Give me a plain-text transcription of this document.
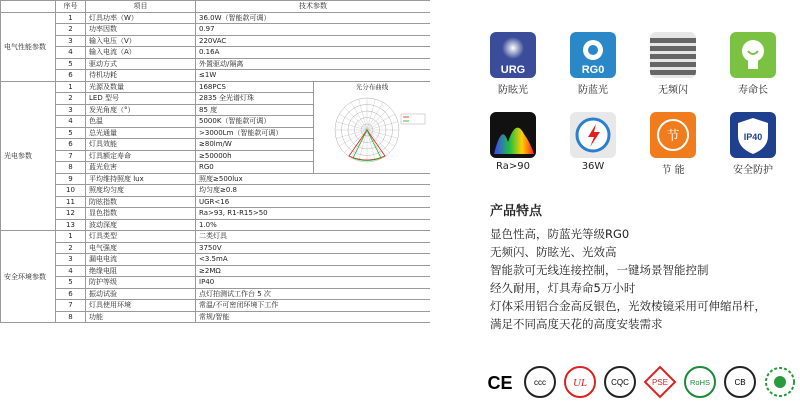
	序号	项目	技术参数	
电气性能参数	1	灯具功率（W）	36.0W（智能款可调）	
	2	功率因数	0.97	
	3	输入电压（V）	220VAC	
	4	输入电流（A）	0.16A	
	5	驱动方式	外置驱动/隔离	
	6	待机功耗	≤1W	
光电参数	1	光源及数量	168PCS	光分布曲线

	2	LED 型号	2835 全光谱灯珠	
	3	发光角度（°）	85 度	
	4	色温	5000K（智能款可调）	
	5	总光通量	>3000Lm（智能款可调）	
	6	灯具效能	≥80lm/W	
	7	灯具额定寿命	≥50000h	
	8	蓝光危害	RG0	
	9	平均维持照度 lux	照度≥500lux	
	10	照度均匀度	均匀度≥0.8	
	11	防眩指数	UGR<16	
	12	显色指数	Ra>93, R1-R15>50	
	13	波动深度	1.0%	
安全环境参数	1	灯具类型	二类灯具	
	2	电气强度	3750V	
	3	漏电电流	<3.5mA	
	4	绝缘电阻	≥2MΩ	
	5	防护等级	IP40	
	6	振动试验	点灯拍测试工作台 5 次	
	7	灯具使用环境	常温/不可密闭环境下工作	
	8	功能	常规/智能	
URG
防眩光
RG0
防蓝光	无频闪	寿命长
Ra>90	36W
节
节 能
IP40
安全防护
产品特点
显色性高，防蓝光等级RG0
无频闪、防眩光、光效高
智能款可无线连接控制，一键场景智能控制
经久耐用，灯具寿命5万小时
灯体采用铝合金高反银色，光效棱镜采用可伸缩吊杆，
满足不同高度天花的高度安装需求
CE	ccc UL	CQC	PSE	RoHS	CB
